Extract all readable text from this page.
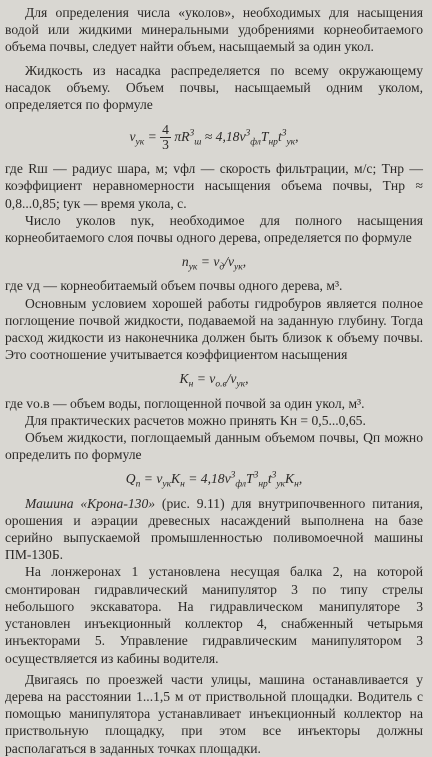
Для определения числа «уколов», необходимых для насыщения водой или жидкими минеральными удобрениями корнеобитаемого объема почвы, следует найти объем, насыщаемый за один укол.

Жидкость из насадка распределяется по всему окружающему насадок объему. Объем почвы, насыщаемый одним уколом, определяется по формуле

$v_{ук} = 4$
3 $\pi R^3_ш \approx 4,18v^3_{фл}T_{нр}t^3_{ук}$,

где Rш — радиус шара, м; vфл — скорость фильтрации, м/с; Tнр — коэффициент неравномерности насыщения объема почвы, Tнр ≈ 0,8...0,85; tук — время укола, с.

Число уколов nук, необходимое для полного насыщения корнеобитаемого слоя почвы одного дерева, определяется по формуле

$n_{ук} = v_д/v_{ук}$,

где vд — корнеобитаемый объем почвы одного дерева, м³.

Основным условием хорошей работы гидробуров является полное поглощение почвой жидкости, подаваемой на заданную глубину. Тогда расход жидкости из наконечника должен быть близок к объему почвы. Это соотношение учитывается коэффициентом насыщения

$K_н = v_{о.в}/v_{ук}$,

где vо.в — объем воды, поглощенной почвой за один укол, м³.

Для практических расчетов можно принять Kн = 0,5...0,65.

Объем жидкости, поглощаемый данным объемом почвы, Qп можно определить по формуле

$Q_п = v_{ук}K_н = 4,18v^3_{фл}T^3_{нр}t^3_{ук}K_н$,

Машина «Крона-130» (рис. 9.11) для внутрипочвенного питания, орошения и аэрации древесных насаждений выполнена на базе серийно выпускаемой промышленностью поливомоечной машины ПМ-130Б.

На лонжеронах 1 установлена несущая балка 2, на которой смонтирован гидравлический манипулятор 3 по типу стрелы небольшого экскаватора. На гидравлическом манипуляторе 3 установлен инъекционный коллектор 4, снабженный четырьмя инъекторами 5. Управление гидравлическим манипулятором 3 осуществляется из кабины водителя.

Двигаясь по проезжей части улицы, машина останавливается у дерева на расстоянии 1...1,5 м от приствольной площадки. Водитель с помощью манипулятора устанавливает инъекционный коллектор на приствольную площадку, при этом все инъекторы должны располагаться в заданных точках площадки.
